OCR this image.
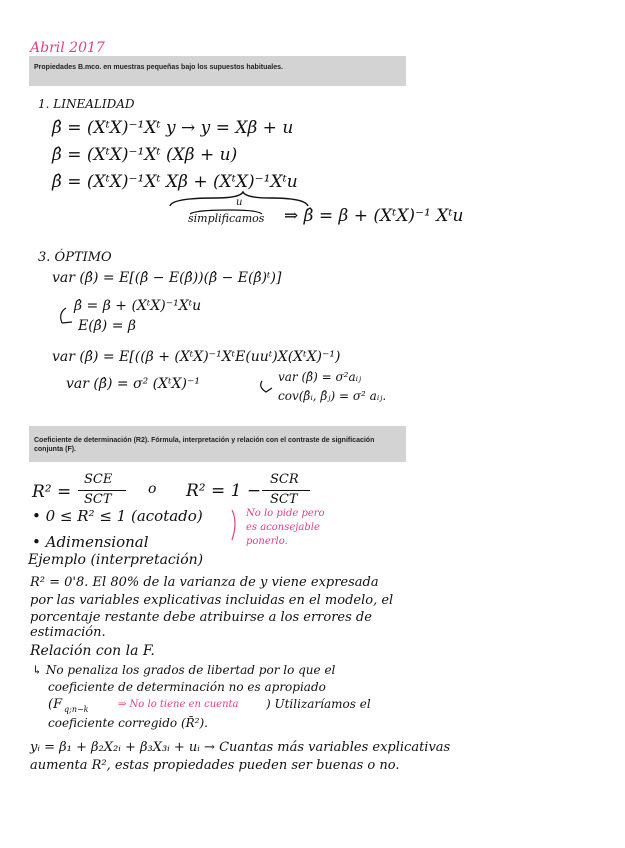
Abril 2017
Propiedades B.mco. en muestras pequeñas bajo los supuestos habituales.
1. LINEALIDAD
β̂ = (XᵗX)⁻¹Xᵗ y → y = Xβ + u
β̂ = (XᵗX)⁻¹Xᵗ (Xβ + u)
β̂ = (XᵗX)⁻¹Xᵗ Xβ + (XᵗX)⁻¹Xᵗu
u
simplificamos ⇒ β̂ = β + (XᵗX)⁻¹ Xᵗu
3. ÓPTIMO
var (β̂) = E[(β̂ − E(β̂))(β̂ − E(β̂)ᵗ)]
β̂ = β + (XᵗX)⁻¹Xᵗu
E(β̂) = β
var (β̂) = E[((β + (XᵗX)⁻¹XᵗE(uuᵗ)X(XᵗX)⁻¹)
var (β̂) = σ² (XᵗX)⁻¹	var (β̂) = σ²aᵢⱼ
cov(β̂ᵢ, β̂ⱼ) = σ² aᵢⱼ.
Coeficiente de determinación (R2). Fórmula, interpretación y relación con el contraste de significación conjunta (F).
R² =
SCE
SCT
o R² = 1 −
SCR
SCT
• 0 ≤ R² ≤ 1 (acotado)	No lo pide pero
es aconsejable
ponerlo.
• Adimensional
Ejemplo (interpretación)
R² = 0'8. El 80% de la varianza de y viene expresada
por las variables explicativas incluidas en el modelo, el
porcentaje restante debe atribuirse a los errores de
estimación.
Relación con la F.
↳ No penaliza los grados de libertad por lo que el
coeficiente de determinación no es apropiado
(F q;n−k	⇒ No lo tiene en cuenta ) Utilizaríamos el
coeficiente corregido (R̄²).
yᵢ = β₁ + β₂X₂ᵢ + β₃X₃ᵢ + uᵢ → Cuantas más variables explicativas
aumenta R², estas propiedades pueden ser buenas o no.
